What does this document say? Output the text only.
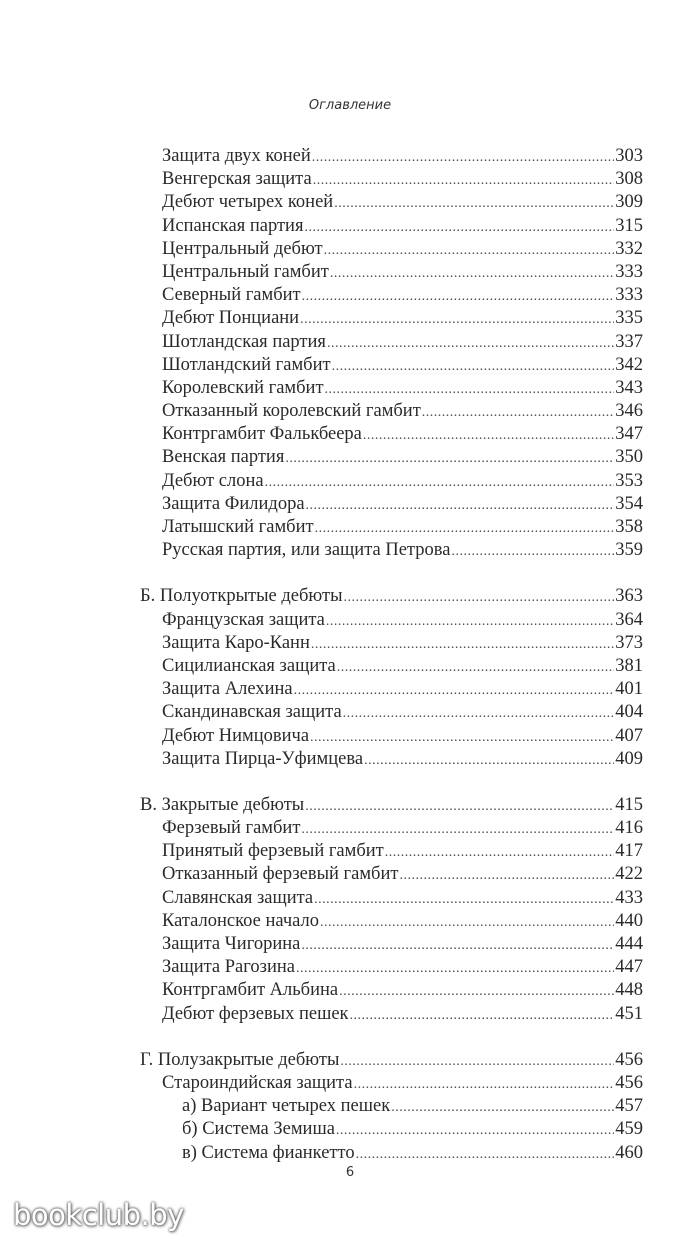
Оглавление
Защита двух коней .....	303
Венгерская защита .....	308
Дебют четырех коней .....	309
Испанская партия .....	315
Центральный дебют .....	332
Центральный гамбит .....	333
Северный гамбит .....	333
Дебют Понциани .....	335
Шотландская партия .....	337
Шотландский гамбит .....	342
Королевский гамбит .....	343
Отказанный королевский гамбит .....	346
Контргамбит Фалькбеера .....	347
Венская партия .....	350
Дебют слона .....	353
Защита Филидора .....	354
Латышский гамбит .....	358
Русская партия, или защита Петрова .....	359
Б. Полуоткрытые дебюты .....	363
Французская защита .....	364
Защита Каро-Канн .....	373
Сицилианская защита .....	381
Защита Алехина .....	401
Скандинавская защита .....	404
Дебют Нимцовича .....	407
Защита Пирца-Уфимцева .....	409
В. Закрытые дебюты .....	415
Ферзевый гамбит .....	416
Принятый ферзевый гамбит .....	417
Отказанный ферзевый гамбит .....	422
Славянская защита .....	433
Каталонское начало .....	440
Защита Чигорина .....	444
Защита Рагозина .....	447
Контргамбит Альбина .....	448
Дебют ферзевых пешек .....	451
Г. Полузакрытые дебюты .....	456
Староиндийская защита .....	456
а) Вариант четырех пешек .....	457
б) Система Земиша .....	459
в) Система фианкетто .....	460
6
bookclub.by
